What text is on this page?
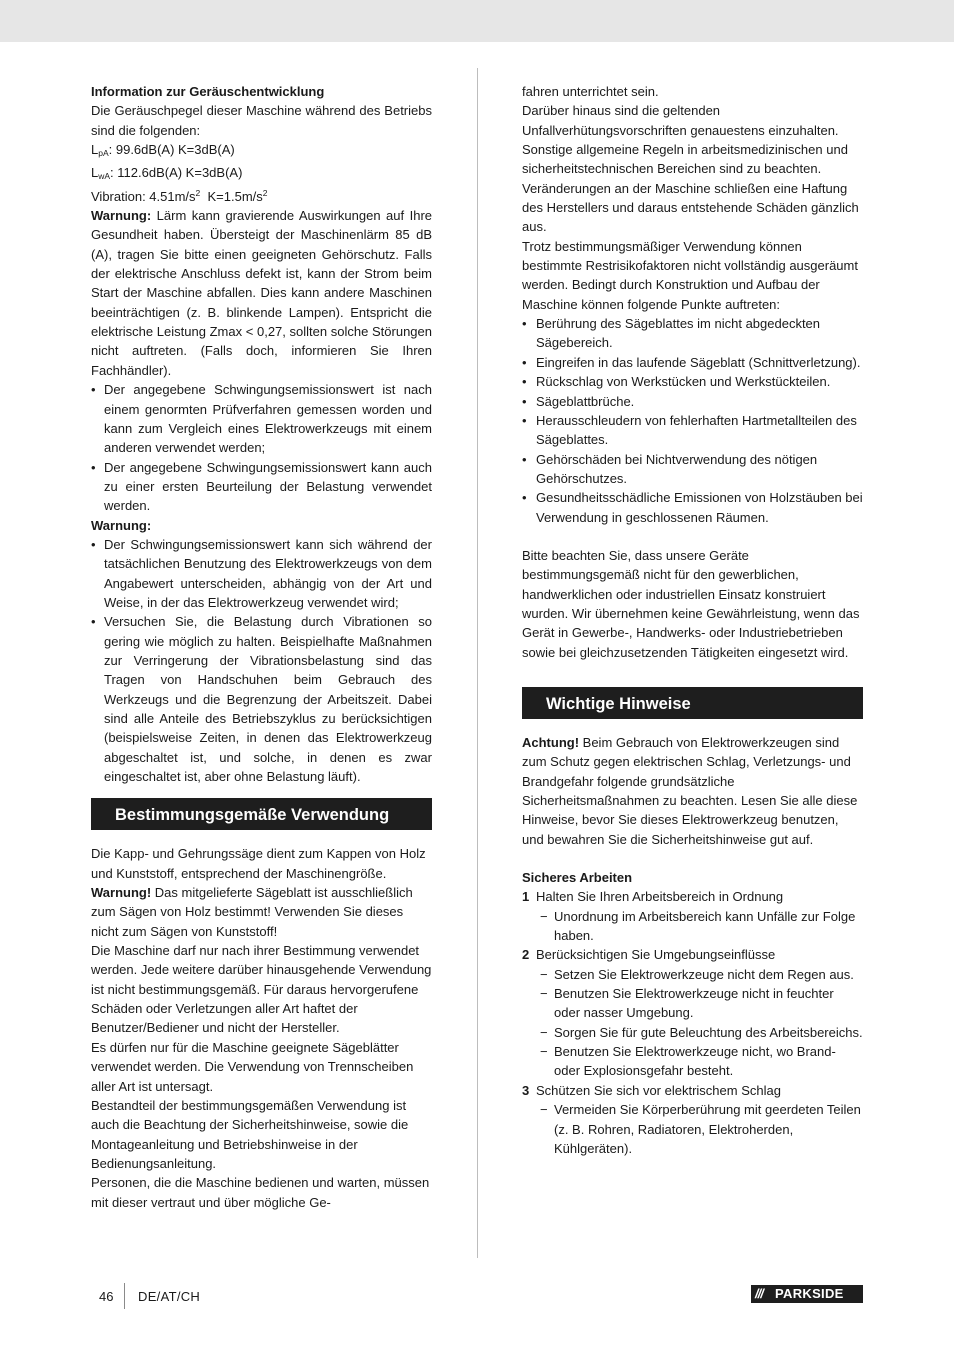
Information zur Geräuschentwicklung

Die Geräuschpegel dieser Maschine während des Betriebs sind die folgenden:

$L_{pA}$: 99.6dB(A) K=3dB(A)

$L_{wA}$: 112.6dB(A) K=3dB(A)

Vibration: $4.51m/s^2$  $K=1.5m/s^2$

Warnung: Lärm kann gravierende Auswirkungen auf Ihre Gesundheit haben. Übersteigt der Maschinenlärm 85 dB (A), tragen Sie bitte einen geeigneten Gehörschutz. Falls der elektrische Anschluss defekt ist, kann der Strom beim Start der Maschine abfallen. Dies kann andere Maschinen beeinträchtigen (z. B. blinkende Lampen). Entspricht die elektrische Leistung Zmax < 0,27, sollten solche Störungen nicht auftreten. (Falls doch, informieren Sie Ihren Fachhändler).

• Der angegebene Schwingungsemissionswert ist nach einem genormten Prüfverfahren gemessen worden und kann zum Vergleich eines Elektrowerkzeugs mit einem anderen verwendet werden;
• Der angegebene Schwingungsemissionswert kann auch zu einer ersten Beurteilung der Belastung verwendet werden.

Warnung:

• Der Schwingungsemissionswert kann sich während der tatsächlichen Benutzung des Elektrowerkzeugs von dem Angabewert unterscheiden, abhängig von der Art und Weise, in der das Elektrowerkzeug verwendet wird;
• Versuchen Sie, die Belastung durch Vibrationen so gering wie möglich zu halten. Beispielhafte Maßnahmen zur Verringerung der Vibrationsbelastung sind das Tragen von Handschuhen beim Gebrauch des Werkzeugs und die Begrenzung der Arbeitszeit. Dabei sind alle Anteile des Betriebszyklus zu berücksichtigen (beispielsweise Zeiten, in denen das Elektrowerkzeug abgeschaltet ist, und solche, in denen es zwar eingeschaltet ist, aber ohne Belastung läuft).
Bestimmungsgemäße Verwendung

Die Kapp- und Gehrungssäge dient zum Kappen von Holz und Kunststoff, entsprechend der Maschinengröße.

Warnung! Das mitgelieferte Sägeblatt ist ausschließlich zum Sägen von Holz bestimmt! Verwenden Sie dieses nicht zum Sägen von Kunststoff!

Die Maschine darf nur nach ihrer Bestimmung verwendet werden. Jede weitere darüber hinausgehende Verwendung ist nicht bestimmungsgemäß. Für daraus hervorgerufene Schäden oder Verletzungen aller Art haftet der Benutzer/Bediener und nicht der Hersteller.

Es dürfen nur für die Maschine geeignete Sägeblätter verwendet werden. Die Verwendung von Trennscheiben aller Art ist untersagt.

Bestandteil der bestimmungsgemäßen Verwendung ist auch die Beachtung der Sicherheitshinweise, sowie die Montageanleitung und Betriebshinweise in der Bedienungsanleitung.

Personen, die die Maschine bedienen und warten, müssen mit dieser vertraut und über mögliche Ge-

fahren unterrichtet sein.

Darüber hinaus sind die geltenden Unfallverhütungsvorschriften genauestens einzuhalten.

Sonstige allgemeine Regeln in arbeitsmedizinischen und sicherheitstechnischen Bereichen sind zu beachten.

Veränderungen an der Maschine schließen eine Haftung des Herstellers und daraus entstehende Schäden gänzlich aus.

Trotz bestimmungsmäßiger Verwendung können bestimmte Restrisikofaktoren nicht vollständig ausgeräumt werden. Bedingt durch Konstruktion und Aufbau der Maschine können folgende Punkte auftreten:

• Berührung des Sägeblattes im nicht abgedeckten Sägebereich.
• Eingreifen in das laufende Sägeblatt (Schnittverletzung).
• Rückschlag von Werkstücken und Werkstückteilen.
• Sägeblattbrüche.
• Herausschleudern von fehlerhaften Hartmetallteilen des Sägeblattes.
• Gehörschäden bei Nichtverwendung des nötigen Gehörschutzes.
• Gesundheitsschädliche Emissionen von Holzstäuben bei Verwendung in geschlossenen Räumen.

Bitte beachten Sie, dass unsere Geräte bestimmungsgemäß nicht für den gewerblichen, handwerklichen oder industriellen Einsatz konstruiert wurden. Wir übernehmen keine Gewährleistung, wenn das Gerät in Gewerbe-, Handwerks- oder Industriebetrieben sowie bei gleichzusetzenden Tätigkeiten eingesetzt wird.

Wichtige Hinweise

Achtung! Beim Gebrauch von Elektrowerkzeugen sind zum Schutz gegen elektrischen Schlag, Verletzungs- und Brandgefahr folgende grundsätzliche Sicherheitsmaßnahmen zu beachten. Lesen Sie alle diese Hinweise, bevor Sie dieses Elektrowerkzeug benutzen, und bewahren Sie die Sicherheitshinweise gut auf.

Sicheres Arbeiten

1 Halten Sie Ihren Arbeitsbereich in Ordnung
− Unordnung im Arbeitsbereich kann Unfälle zur Folge haben.
2 Berücksichtigen Sie Umgebungseinflüsse
− Setzen Sie Elektrowerkzeuge nicht dem Regen aus.
− Benutzen Sie Elektrowerkzeuge nicht in feuchter oder nasser Umgebung.
− Sorgen Sie für gute Beleuchtung des Arbeitsbereichs.
− Benutzen Sie Elektrowerkzeuge nicht, wo Brand- oder Explosionsgefahr besteht.
3 Schützen Sie sich vor elektrischem Schlag
− Vermeiden Sie Körperberührung mit geerdeten Teilen (z. B. Rohren, Radiatoren, Elektroherden, Kühlgeräten).
46 DE/AT/CH	/// PARKSIDE
